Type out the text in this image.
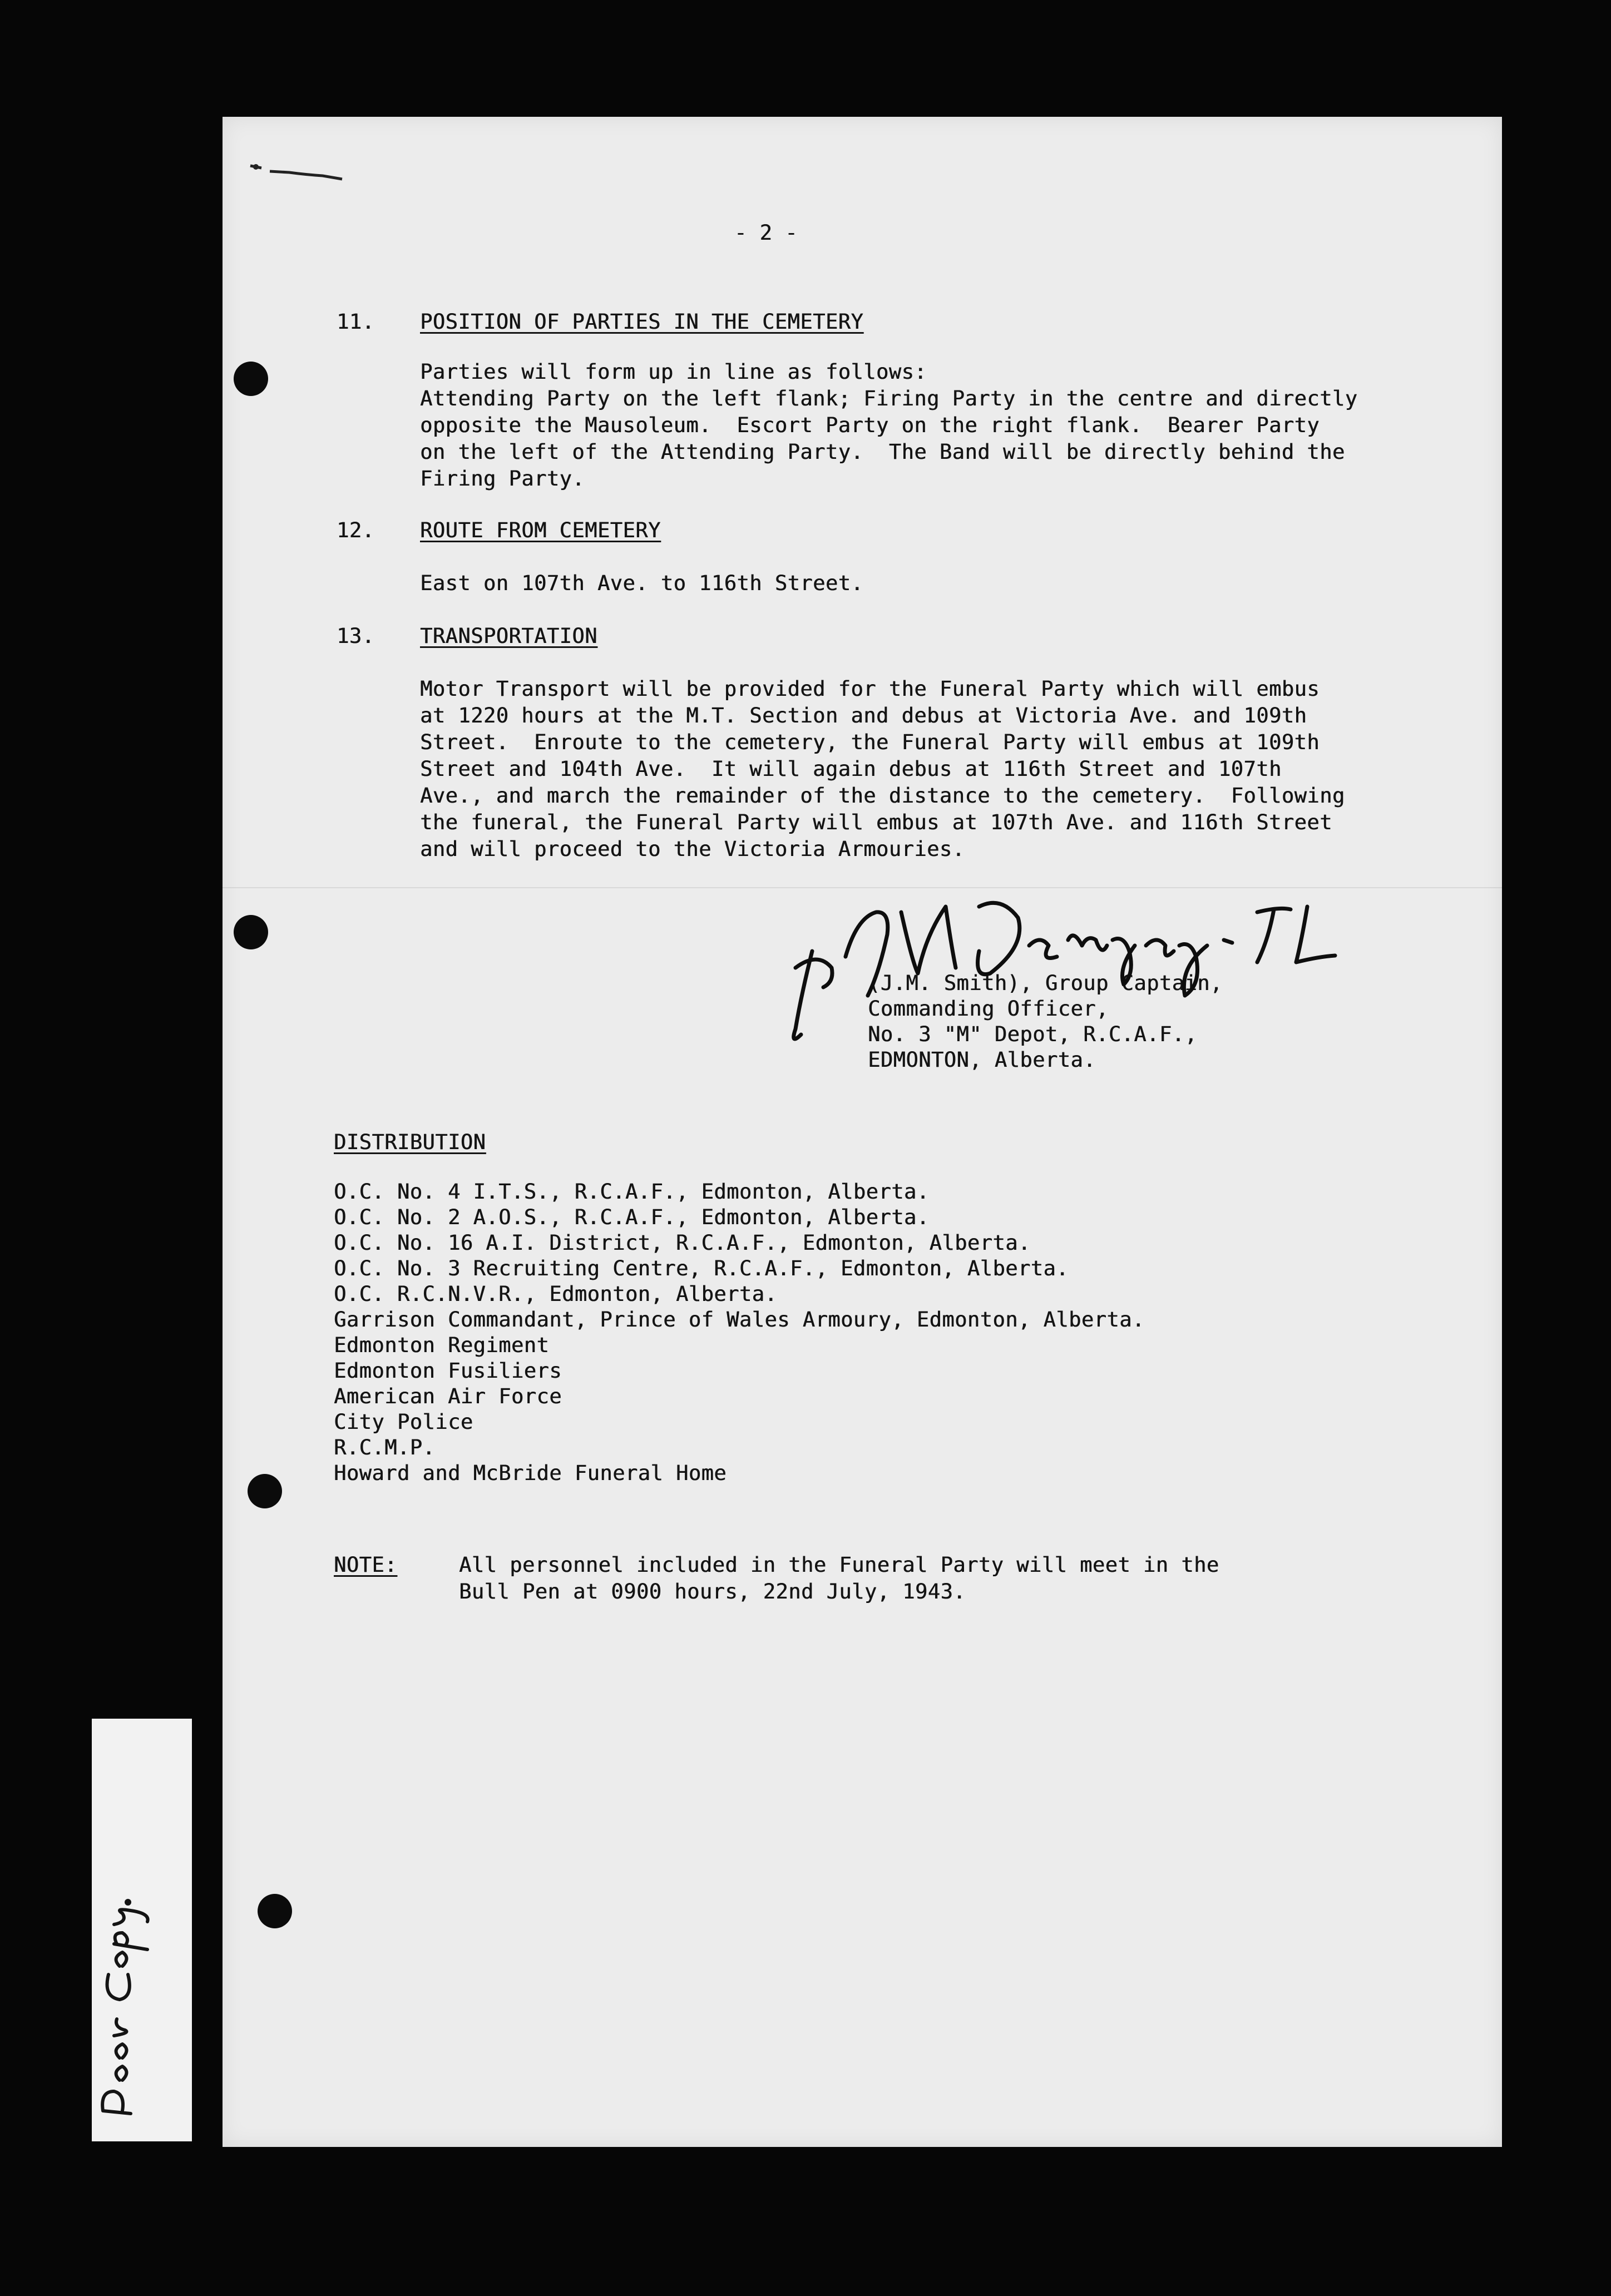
- 2 -
11.	POSITION OF PARTIES IN THE CEMETERY
Parties will form up in line as follows:
Attending Party on the left flank; Firing Party in the centre and directly
opposite the Mausoleum.  Escort Party on the right flank.  Bearer Party
on the left of the Attending Party.  The Band will be directly behind the
Firing Party.
12.	ROUTE FROM CEMETERY
East on 107th Ave. to 116th Street.
13.	TRANSPORTATION
Motor Transport will be provided for the Funeral Party which will embus
at 1220 hours at the M.T. Section and debus at Victoria Ave. and 109th
Street.  Enroute to the cemetery, the Funeral Party will embus at 109th
Street and 104th Ave.  It will again debus at 116th Street and 107th
Ave., and march the remainder of the distance to the cemetery.  Following
the funeral, the Funeral Party will embus at 107th Ave. and 116th Street
and will proceed to the Victoria Armouries.
(J.M. Smith), Group Captain,
Commanding Officer,
No. 3 "M" Depot, R.C.A.F.,
EDMONTON, Alberta.
DISTRIBUTION
O.C. No. 4 I.T.S., R.C.A.F., Edmonton, Alberta.
O.C. No. 2 A.O.S., R.C.A.F., Edmonton, Alberta.
O.C. No. 16 A.I. District, R.C.A.F., Edmonton, Alberta.
O.C. No. 3 Recruiting Centre, R.C.A.F., Edmonton, Alberta.
O.C. R.C.N.V.R., Edmonton, Alberta.
Garrison Commandant, Prince of Wales Armoury, Edmonton, Alberta.
Edmonton Regiment
Edmonton Fusiliers
American Air Force
City Police
R.C.M.P.
Howard and McBride Funeral Home
NOTE:	All personnel included in the Funeral Party will meet in the
Bull Pen at 0900 hours, 22nd July, 1943.
